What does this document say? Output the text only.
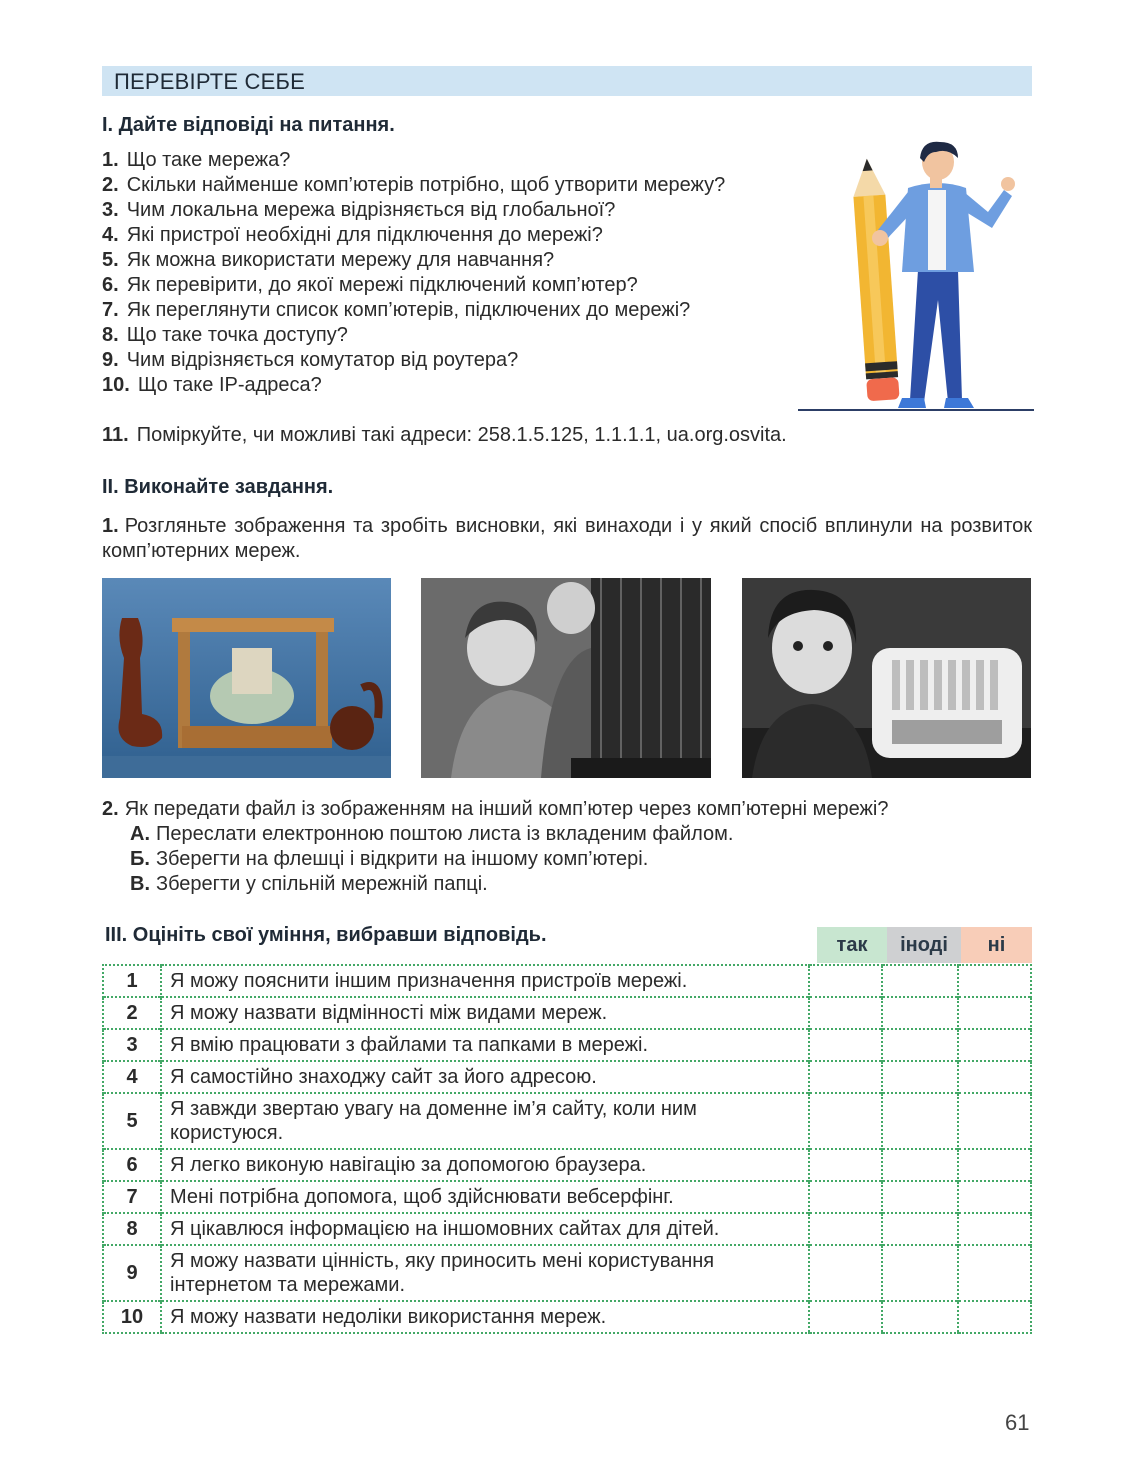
ПЕРЕВІРТЕ СЕБЕ
І. Дайте відповіді на питання.
1. Що таке мережа?
2. Скільки найменше комп’ютерів потрібно, щоб утворити мережу?
3. Чим локальна мережа відрізняється від глобальної?
4. Які пристрої необхідні для підключення до мережі?
5. Як можна використати мережу для навчання?
6. Як перевірити, до якої мережі підключений комп’ютер?
7. Як переглянути список комп’ютерів, підключених до мережі?
8. Що таке точка доступу?
9. Чим відрізняється комутатор від роутера?
10. Що таке IP-адреса?
11. Поміркуйте, чи можливі такі адреси: 258.1.5.125, 1.1.1.1, ua.org.osvita.
ІІ. Виконайте завдання.
1. Розгляньте зображення та зробіть висновки, які винаходи і у який спосіб вплинули на розвиток комп’ютерних мереж.
2. Як передати файл із зображенням на інший комп’ютер через комп’ютерні мережі?
А. Переслати електронною поштою листа із вкладеним файлом.
Б. Зберегти на флешці і відкрити на іншому комп’ютері.
В. Зберегти у спільній мережній папці.
ІІІ. Оцініть свої уміння, вибравши відповідь.	так	іноді	ні
1	Я можу пояснити іншим призначення пристроїв мережі.			
2	Я можу назвати відмінності між видами мереж.			
3	Я вмію працювати з файлами та папками в мережі.			
4	Я самостійно знаходжу сайт за його адресою.			
5	Я завжди звертаю увагу на доменне ім’я сайту, коли ним користуюся.			
6	Я легко виконую навігацію за допомогою браузера.			
7	Мені потрібна допомога, щоб здійснювати вебсерфінг.			
8	Я цікавлюся інформацією на іншомовних сайтах для дітей.			
9	Я можу назвати цінність, яку приносить мені користування інтернетом та мережами.			
10	Я можу назвати недоліки використання мереж.			
61
